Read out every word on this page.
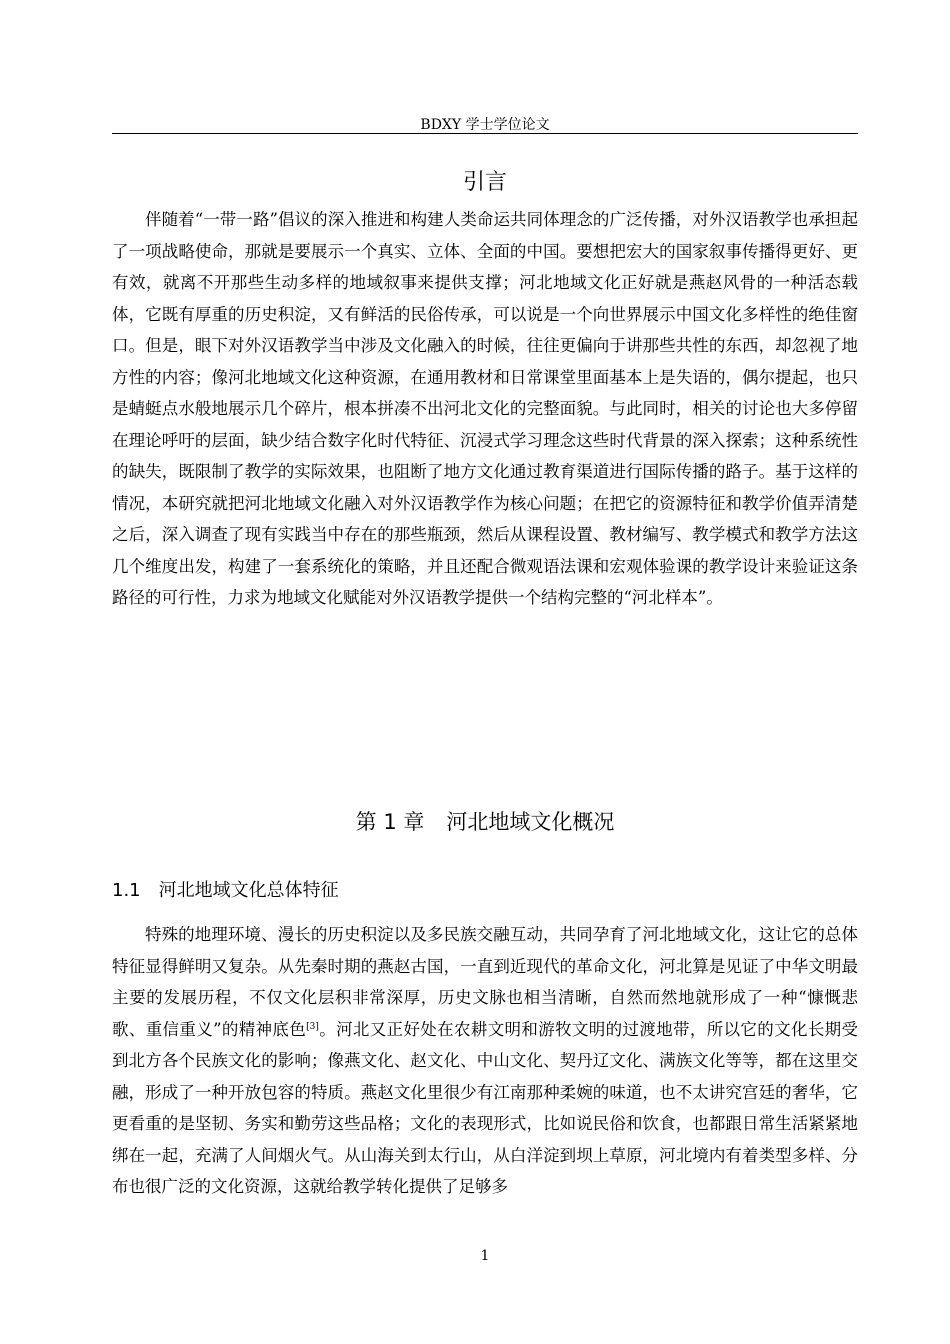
BDXY 学士学位论文
引言

伴随着“一带一路”倡议的深入推进和构建人类命运共同体理念的广泛传播，对外汉语教学也承担起了一项战略使命，那就是要展示一个真实、立体、全面的中国。要想把宏大的国家叙事传播得更好、更有效，就离不开那些生动多样的地域叙事来提供支撑；河北地域文化正好就是燕赵风骨的一种活态载体，它既有厚重的历史积淀，又有鲜活的民俗传承，可以说是一个向世界展示中国文化多样性的绝佳窗口。但是，眼下对外汉语教学当中涉及文化融入的时候，往往更偏向于讲那些共性的东西，却忽视了地方性的内容；像河北地域文化这种资源，在通用教材和日常课堂里面基本上是失语的，偶尔提起，也只是蜻蜓点水般地展示几个碎片，根本拼凑不出河北文化的完整面貌。与此同时，相关的讨论也大多停留在理论呼吁的层面，缺少结合数字化时代特征、沉浸式学习理念这些时代背景的深入探索；这种系统性的缺失，既限制了教学的实际效果，也阻断了地方文化通过教育渠道进行国际传播的路子。基于这样的情况，本研究就把河北地域文化融入对外汉语教学作为核心问题；在把它的资源特征和教学价值弄清楚之后，深入调查了现有实践当中存在的那些瓶颈，然后从课程设置、教材编写、教学模式和教学方法这几个维度出发，构建了一套系统化的策略，并且还配合微观语法课和宏观体验课的教学设计来验证这条路径的可行性，力求为地域文化赋能对外汉语教学提供一个结构完整的“河北样本”。

第 1 章 河北地域文化概况
1.1 河北地域文化总体特征

特殊的地理环境、漫长的历史积淀以及多民族交融互动，共同孕育了河北地域文化，这让它的总体特征显得鲜明又复杂。从先秦时期的燕赵古国，一直到近现代的革命文化，河北算是见证了中华文明最主要的发展历程，不仅文化层积非常深厚，历史文脉也相当清晰，自然而然地就形成了一种“慷慨悲歌、重信重义”的精神底色[3]。河北又正好处在农耕文明和游牧文明的过渡地带，所以它的文化长期受到北方各个民族文化的影响；像燕文化、赵文化、中山文化、契丹辽文化、满族文化等等，都在这里交融，形成了一种开放包容的特质。燕赵文化里很少有江南那种柔婉的味道，也不太讲究宫廷的奢华，它更看重的是坚韧、务实和勤劳这些品格；文化的表现形式，比如说民俗和饮食，也都跟日常生活紧紧地绑在一起，充满了人间烟火气。从山海关到太行山，从白洋淀到坝上草原，河北境内有着类型多样、分布也很广泛的文化资源，这就给教学转化提供了足够多

1
